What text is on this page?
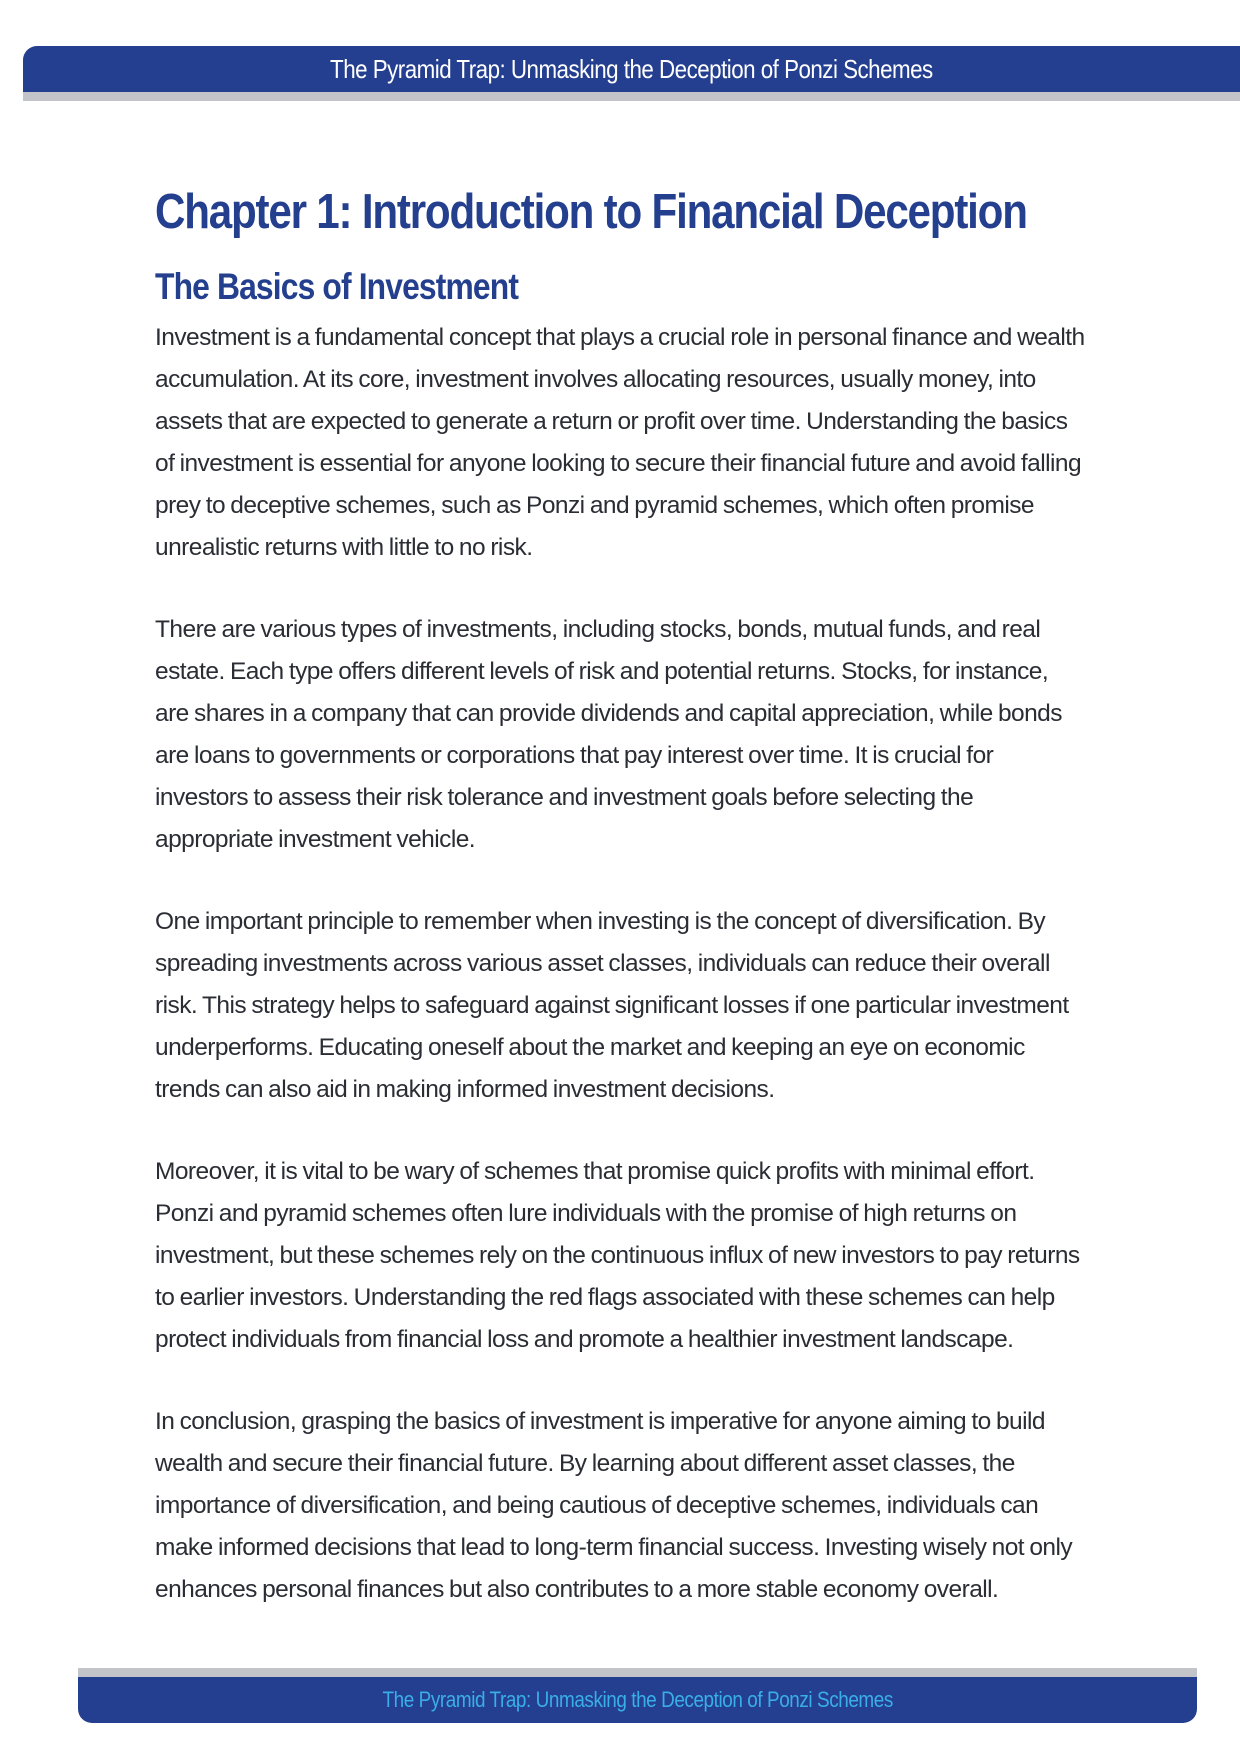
The Pyramid Trap: Unmasking the Deception of Ponzi Schemes
Chapter 1: Introduction to Financial Deception
The Basics of Investment

Investment is a fundamental concept that plays a crucial role in personal finance and wealth accumulation. At its core, investment involves allocating resources, usually money, into assets that are expected to generate a return or profit over time. Understanding the basics of investment is essential for anyone looking to secure their financial future and avoid falling prey to deceptive schemes, such as Ponzi and pyramid schemes, which often promise unrealistic returns with little to no risk.

There are various types of investments, including stocks, bonds, mutual funds, and real estate. Each type offers different levels of risk and potential returns. Stocks, for instance, are shares in a company that can provide dividends and capital appreciation, while bonds are loans to governments or corporations that pay interest over time. It is crucial for investors to assess their risk tolerance and investment goals before selecting the appropriate investment vehicle.

One important principle to remember when investing is the concept of diversification. By spreading investments across various asset classes, individuals can reduce their overall risk. This strategy helps to safeguard against significant losses if one particular investment underperforms. Educating oneself about the market and keeping an eye on economic trends can also aid in making informed investment decisions.

Moreover, it is vital to be wary of schemes that promise quick profits with minimal effort. Ponzi and pyramid schemes often lure individuals with the promise of high returns on investment, but these schemes rely on the continuous influx of new investors to pay returns to earlier investors. Understanding the red flags associated with these schemes can help protect individuals from financial loss and promote a healthier investment landscape.

In conclusion, grasping the basics of investment is imperative for anyone aiming to build wealth and secure their financial future. By learning about different asset classes, the importance of diversification, and being cautious of deceptive schemes, individuals can make informed decisions that lead to long-term financial success. Investing wisely not only enhances personal finances but also contributes to a more stable economy overall.

The Pyramid Trap: Unmasking the Deception of Ponzi Schemes
